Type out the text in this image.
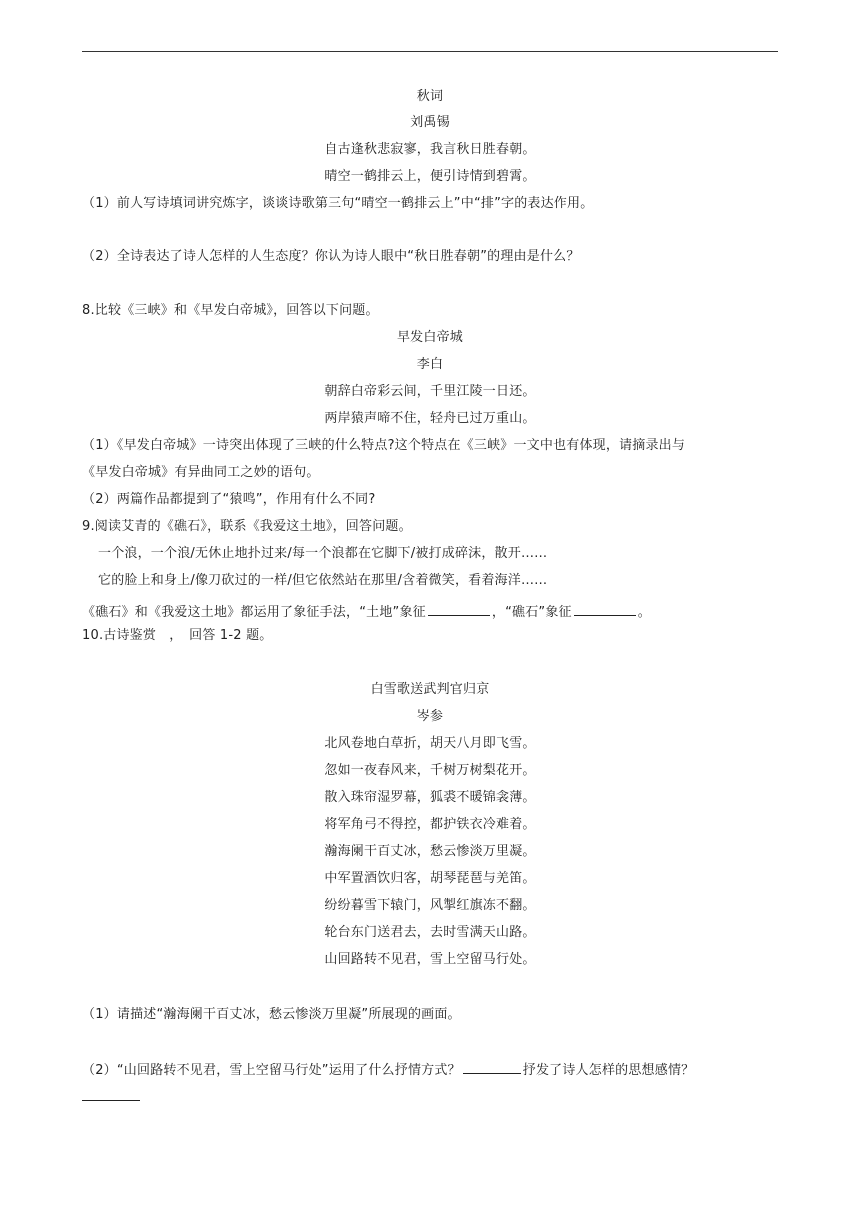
秋词
刘禹锡
自古逢秋悲寂寥，我言秋日胜春朝。
晴空一鹤排云上，便引诗情到碧霄。
（1）前人写诗填词讲究炼字，谈谈诗歌第三句“晴空一鹤排云上”中“排”字的表达作用。
（2）全诗表达了诗人怎样的人生态度？你认为诗人眼中“秋日胜春朝”的理由是什么？
8.比较《三峡》和《早发白帝城》，回答以下问题。
早发白帝城
李白
朝辞白帝彩云间，千里江陵一日还。
两岸猿声啼不住，轻舟已过万重山。
（1）《早发白帝城》一诗突出体现了三峡的什么特点?这个特点在《三峡》一文中也有体现，请摘录出与
《早发白帝城》有异曲同工之妙的语句。
（2）两篇作品都提到了“猿鸣”，作用有什么不同?
9.阅读艾青的《礁石》，联系《我爱这土地》，回答问题。
一个浪，一个浪/无休止地扑过来/每一个浪都在它脚下/被打成碎沫，散开……
它的脸上和身上/像刀砍过的一样/但它依然站在那里/含着微笑，看着海洋……
《礁石》和《我爱这土地》都运用了象征手法，“土地”象征	，“礁石”象征	。
10.古诗鉴赏　，　回答 1-2 题。
白雪歌送武判官归京
岑参
北风卷地白草折，胡天八月即飞雪。
忽如一夜春风来，千树万树梨花开。
散入珠帘湿罗幕，狐裘不暖锦衾薄。
将军角弓不得控，都护铁衣冷难着。
瀚海阑干百丈冰，愁云惨淡万里凝。
中军置酒饮归客，胡琴琵琶与羌笛。
纷纷暮雪下辕门，风掣红旗冻不翻。
轮台东门送君去，去时雪满天山路。
山回路转不见君，雪上空留马行处。
（1）请描述“瀚海阑干百丈冰，愁云惨淡万里凝”所展现的画面。
（2）“山回路转不见君，雪上空留马行处”运用了什么抒情方式？	抒发了诗人怎样的思想感情？
